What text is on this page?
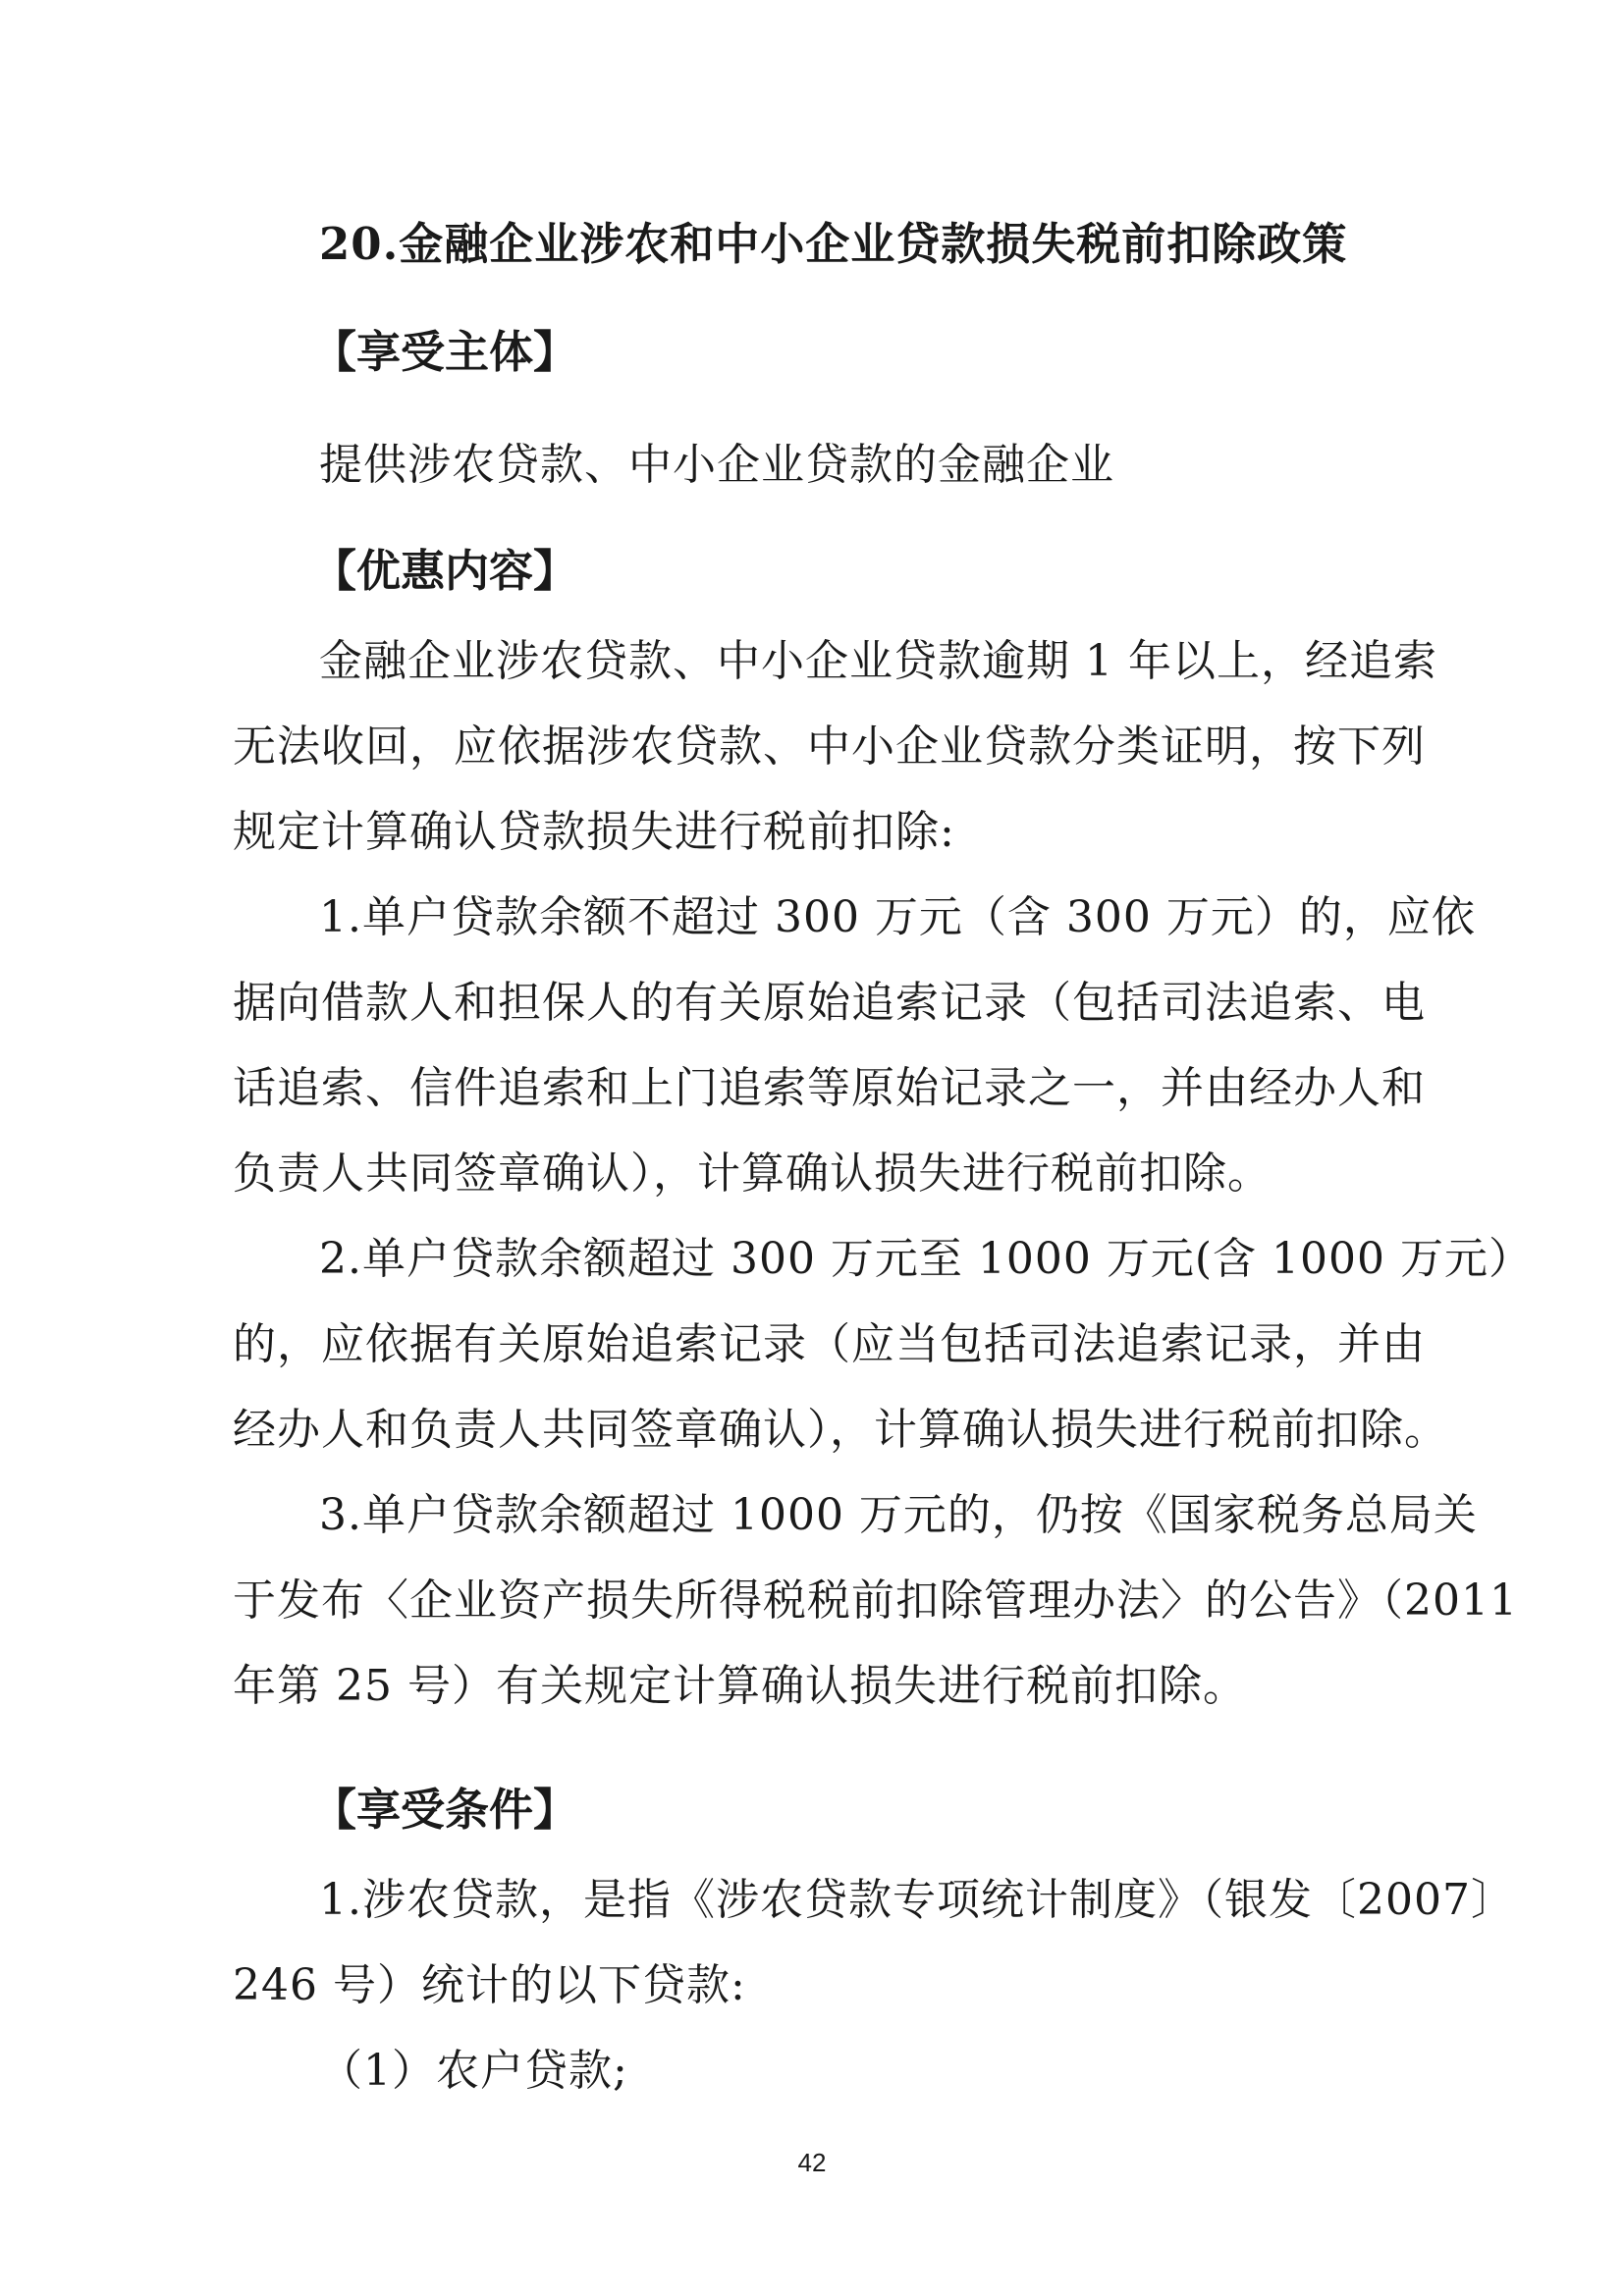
20.金融企业涉农和中小企业贷款损失税前扣除政策
【享受主体】
提供涉农贷款、中小企业贷款的金融企业
【优惠内容】
金融企业涉农贷款、中小企业贷款逾期 1 年以上，经追索
无法收回，应依据涉农贷款、中小企业贷款分类证明，按下列
规定计算确认贷款损失进行税前扣除:
1.单户贷款余额不超过 300 万元（含 300 万元）的，应依
据向借款人和担保人的有关原始追索记录（包括司法追索、电
话追索、信件追索和上门追索等原始记录之一，并由经办人和
负责人共同签章确认），计算确认损失进行税前扣除。
2.单户贷款余额超过 300 万元至 1000 万元(含 1000 万元）
的，应依据有关原始追索记录（应当包括司法追索记录，并由
经办人和负责人共同签章确认），计算确认损失进行税前扣除。
3.单户贷款余额超过 1000 万元的，仍按《国家税务总局关
于发布〈企业资产损失所得税税前扣除管理办法〉的公告》（2011
年第 25 号）有关规定计算确认损失进行税前扣除。
【享受条件】
1.涉农贷款，是指《涉农贷款专项统计制度》（银发〔2007〕
246 号）统计的以下贷款:
（1）农户贷款;
42
